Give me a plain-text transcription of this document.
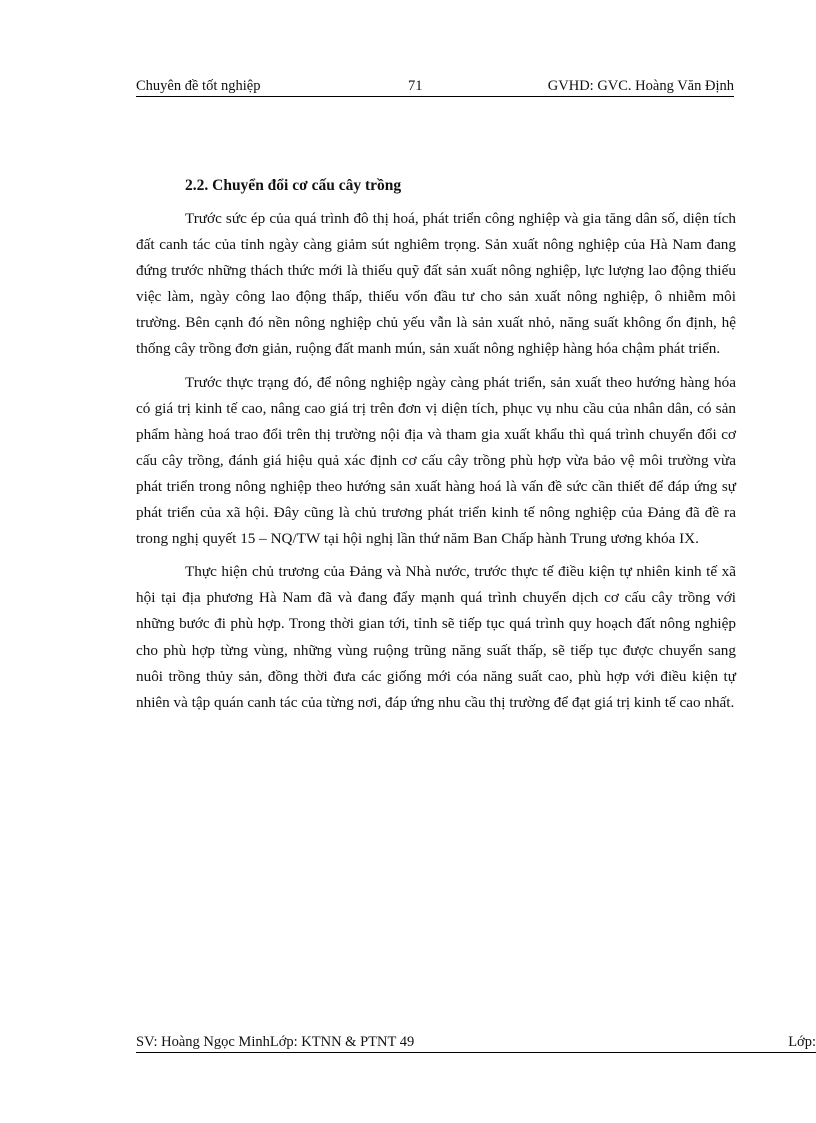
Chuyên đề tốt nghiệp	71	GVHD: GVC. Hoàng Văn Định
2.2. Chuyển đổi cơ cấu cây trồng

Trước sức ép của quá trình đô thị hoá, phát triển công nghiệp và gia tăng dân số, diện tích đất canh tác của tỉnh ngày càng giảm sút nghiêm trọng. Sản xuất nông nghiệp của Hà Nam đang đứng trước những thách thức mới là thiếu quỹ đất sản xuất nông nghiệp, lực lượng lao động thiếu việc làm, ngày công lao động thấp, thiếu vốn đầu tư cho sản xuất nông nghiệp, ô nhiễm môi trường. Bên cạnh đó nền nông nghiệp chủ yếu vẫn là sản xuất nhỏ, năng suất không ổn định, hệ thống cây trồng đơn giản, ruộng đất manh mún, sản xuất nông nghiệp hàng hóa chậm phát triển.

Trước thực trạng đó, để nông nghiệp ngày càng phát triển, sản xuất theo hướng hàng hóa có giá trị kinh tế cao, nâng cao giá trị trên đơn vị diện tích, phục vụ nhu cầu của nhân dân, có sản phẩm hàng hoá trao đổi trên thị trường nội địa và tham gia xuất khẩu thì quá trình chuyển đổi cơ cấu cây trồng, đánh giá hiệu quả xác định cơ cấu cây trồng phù hợp vừa bảo vệ môi trường vừa phát triển trong nông nghiệp theo hướng sản xuất hàng hoá là vấn đề sức cần thiết để đáp ứng sự phát triển của xã hội. Đây cũng là chủ trương phát triển kinh tế nông nghiệp của Đảng đã đề ra trong nghị quyết 15 – NQ/TW tại hội nghị lần thứ năm Ban Chấp hành Trung ương khóa IX.

Thực hiện chủ trương của Đảng và Nhà nước, trước thực tế điều kiện tự nhiên kinh tế xã hội tại địa phương Hà Nam đã và đang đẩy mạnh quá trình chuyển dịch cơ cấu cây trồng với những bước đi phù hợp. Trong thời gian tới, tỉnh sẽ tiếp tục quá trình quy hoạch đất nông nghiệp cho phù hợp từng vùng, những vùng ruộng trũng năng suất thấp, sẽ tiếp tục được chuyển sang nuôi trồng thủy sản, đồng thời đưa các giống mới cóa năng suất cao, phù hợp với điều kiện tự nhiên và tập quán canh tác của từng nơi, đáp ứng nhu cầu thị trường để đạt giá trị kinh tế cao nhất.

SV: Hoàng Ngọc MinhLớp: KTNN & PTNT 49	Lớp:
